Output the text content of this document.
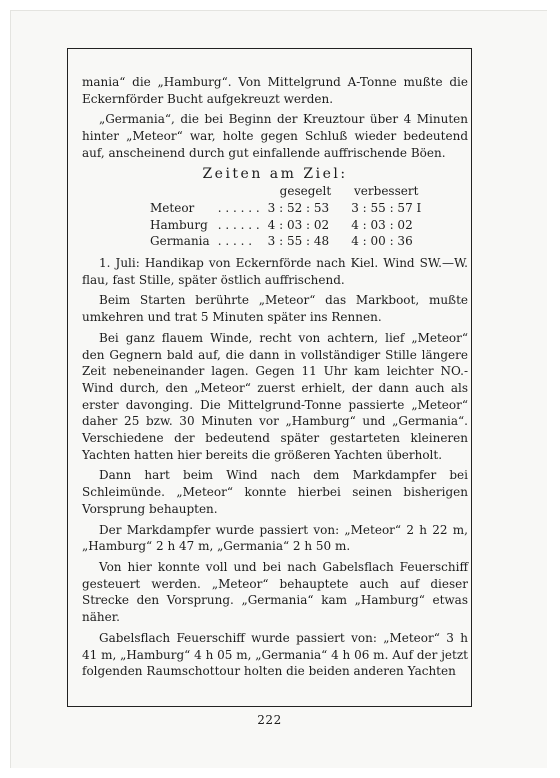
mania“ die „Hamburg“. Von Mittelgrund A-Tonne mußte die Eckernförder Bucht aufgekreuzt werden.

„Germania“, die bei Beginn der Kreuztour über 4 Minuten hinter „Meteor“ war, holte gegen Schluß wieder bedeutend auf, anscheinend durch gut einfallende auffrischende Böen.

Zeiten am Ziel:
		gesegelt	verbessert
Meteor	. . . . . .	3 : 52 : 53	3 : 55 : 57 I
Hamburg	. . . . . .	4 : 03 : 02	4 : 03 : 02
Germania	. . . . .	3 : 55 : 48	4 : 00 : 36

1. Juli: Handikap von Eckernförde nach Kiel. Wind SW.—W. flau, fast Stille, später östlich auffrischend.

Beim Starten berührte „Meteor“ das Markboot, mußte umkehren und trat 5 Minuten später ins Rennen.

Bei ganz flauem Winde, recht von achtern, lief „Meteor“ den Gegnern bald auf, die dann in vollständiger Stille längere Zeit nebeneinander lagen. Gegen 11 Uhr kam leichter NO.-Wind durch, den „Meteor“ zuerst erhielt, der dann auch als erster davonging. Die Mittelgrund-Tonne passierte „Meteor“ daher 25 bzw. 30 Minuten vor „Hamburg“ und „Germania“. Verschiedene der bedeutend später gestarteten kleineren Yachten hatten hier bereits die größeren Yachten überholt.

Dann hart beim Wind nach dem Markdampfer bei Schleimünde. „Meteor“ konnte hierbei seinen bisherigen Vorsprung behaupten.

Der Markdampfer wurde passiert von: „Meteor“ 2 h 22 m, „Hamburg“ 2 h 47 m, „Germania“ 2 h 50 m.

Von hier konnte voll und bei nach Gabelsflach Feuerschiff gesteuert werden. „Meteor“ behauptete auch auf dieser Strecke den Vorsprung. „Germania“ kam „Hamburg“ etwas näher.

Gabelsflach Feuerschiff wurde passiert von: „Meteor“ 3 h 41 m, „Hamburg“ 4 h 05 m, „Germania“ 4 h 06 m. Auf der jetzt folgenden Raumschottour holten die beiden anderen Yachten

222
